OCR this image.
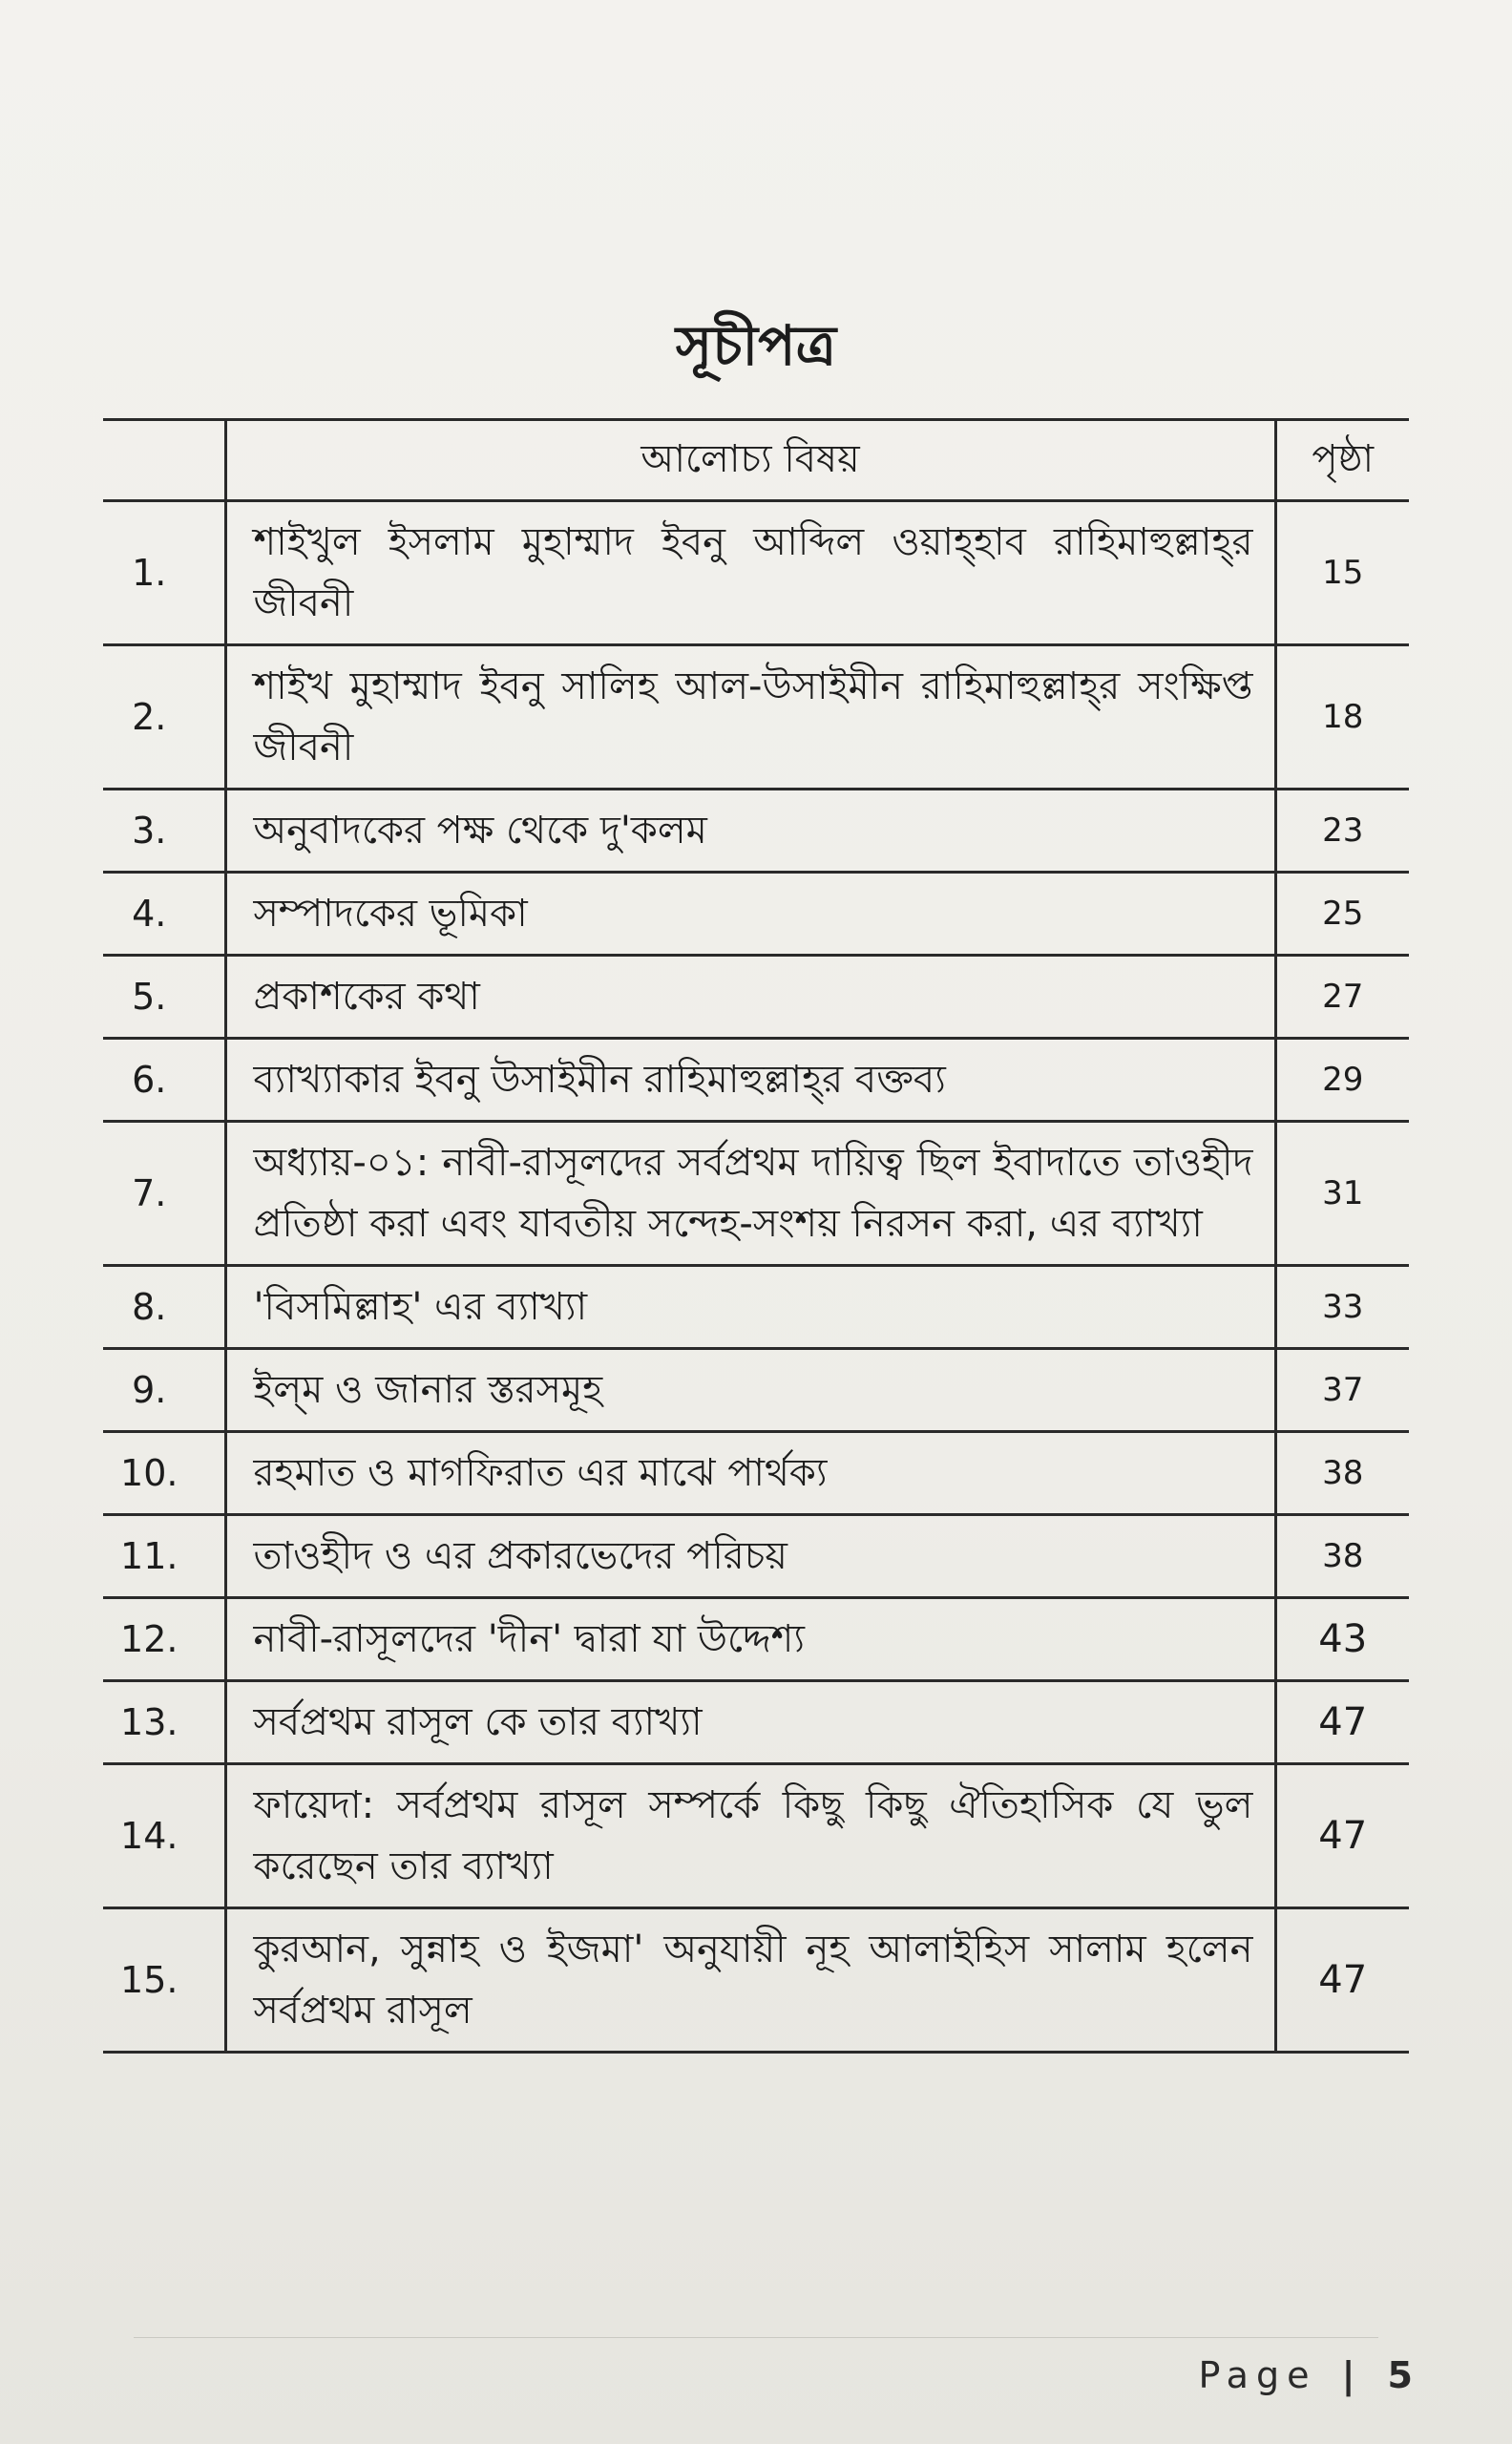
সূচীপত্র
	আলোচ্য বিষয়	পৃষ্ঠা
1.	শাইখুল ইসলাম মুহাম্মাদ ইবনু আব্দিল ওয়াহ্হাব রাহিমাহুল্লাহ্‌র জীবনী	15
2.	শাইখ মুহাম্মাদ ইবনু সালিহ আল-উসাইমীন রাহিমাহুল্লাহ্‌র সংক্ষিপ্ত জীবনী	18
3.	অনুবাদকের পক্ষ থেকে দু'কলম	23
4.	সম্পাদকের ভূমিকা	25
5.	প্রকাশকের কথা	27
6.	ব্যাখ্যাকার ইবনু উসাইমীন রাহিমাহুল্লাহ্‌র বক্তব্য	29
7.	অধ্যায়-০১: নাবী-রাসূলদের সর্বপ্রথম দায়িত্ব ছিল ইবাদাতে তাওহীদ প্রতিষ্ঠা করা এবং যাবতীয় সন্দেহ-সংশয় নিরসন করা, এর ব্যাখ্যা	31
8.	'বিসমিল্লাহ' এর ব্যাখ্যা	33
9.	ইল্‌ম ও জানার স্তরসমূহ	37
10.	রহমাত ও মাগফিরাত এর মাঝে পার্থক্য	38
11.	তাওহীদ ও এর প্রকারভেদের পরিচয়	38
12.	নাবী-রাসূলদের 'দীন' দ্বারা যা উদ্দেশ্য	43
13.	সর্বপ্রথম রাসূল কে তার ব্যাখ্যা	47
14.	ফায়েদা: সর্বপ্রথম রাসূল সম্পর্কে কিছু কিছু ঐতিহাসিক যে ভুল করেছেন তার ব্যাখ্যা	47
15.	কুরআন, সুন্নাহ ও ইজমা' অনুযায়ী নূহ আলাইহিস সালাম হলেন সর্বপ্রথম রাসূল	47
Page | 5
